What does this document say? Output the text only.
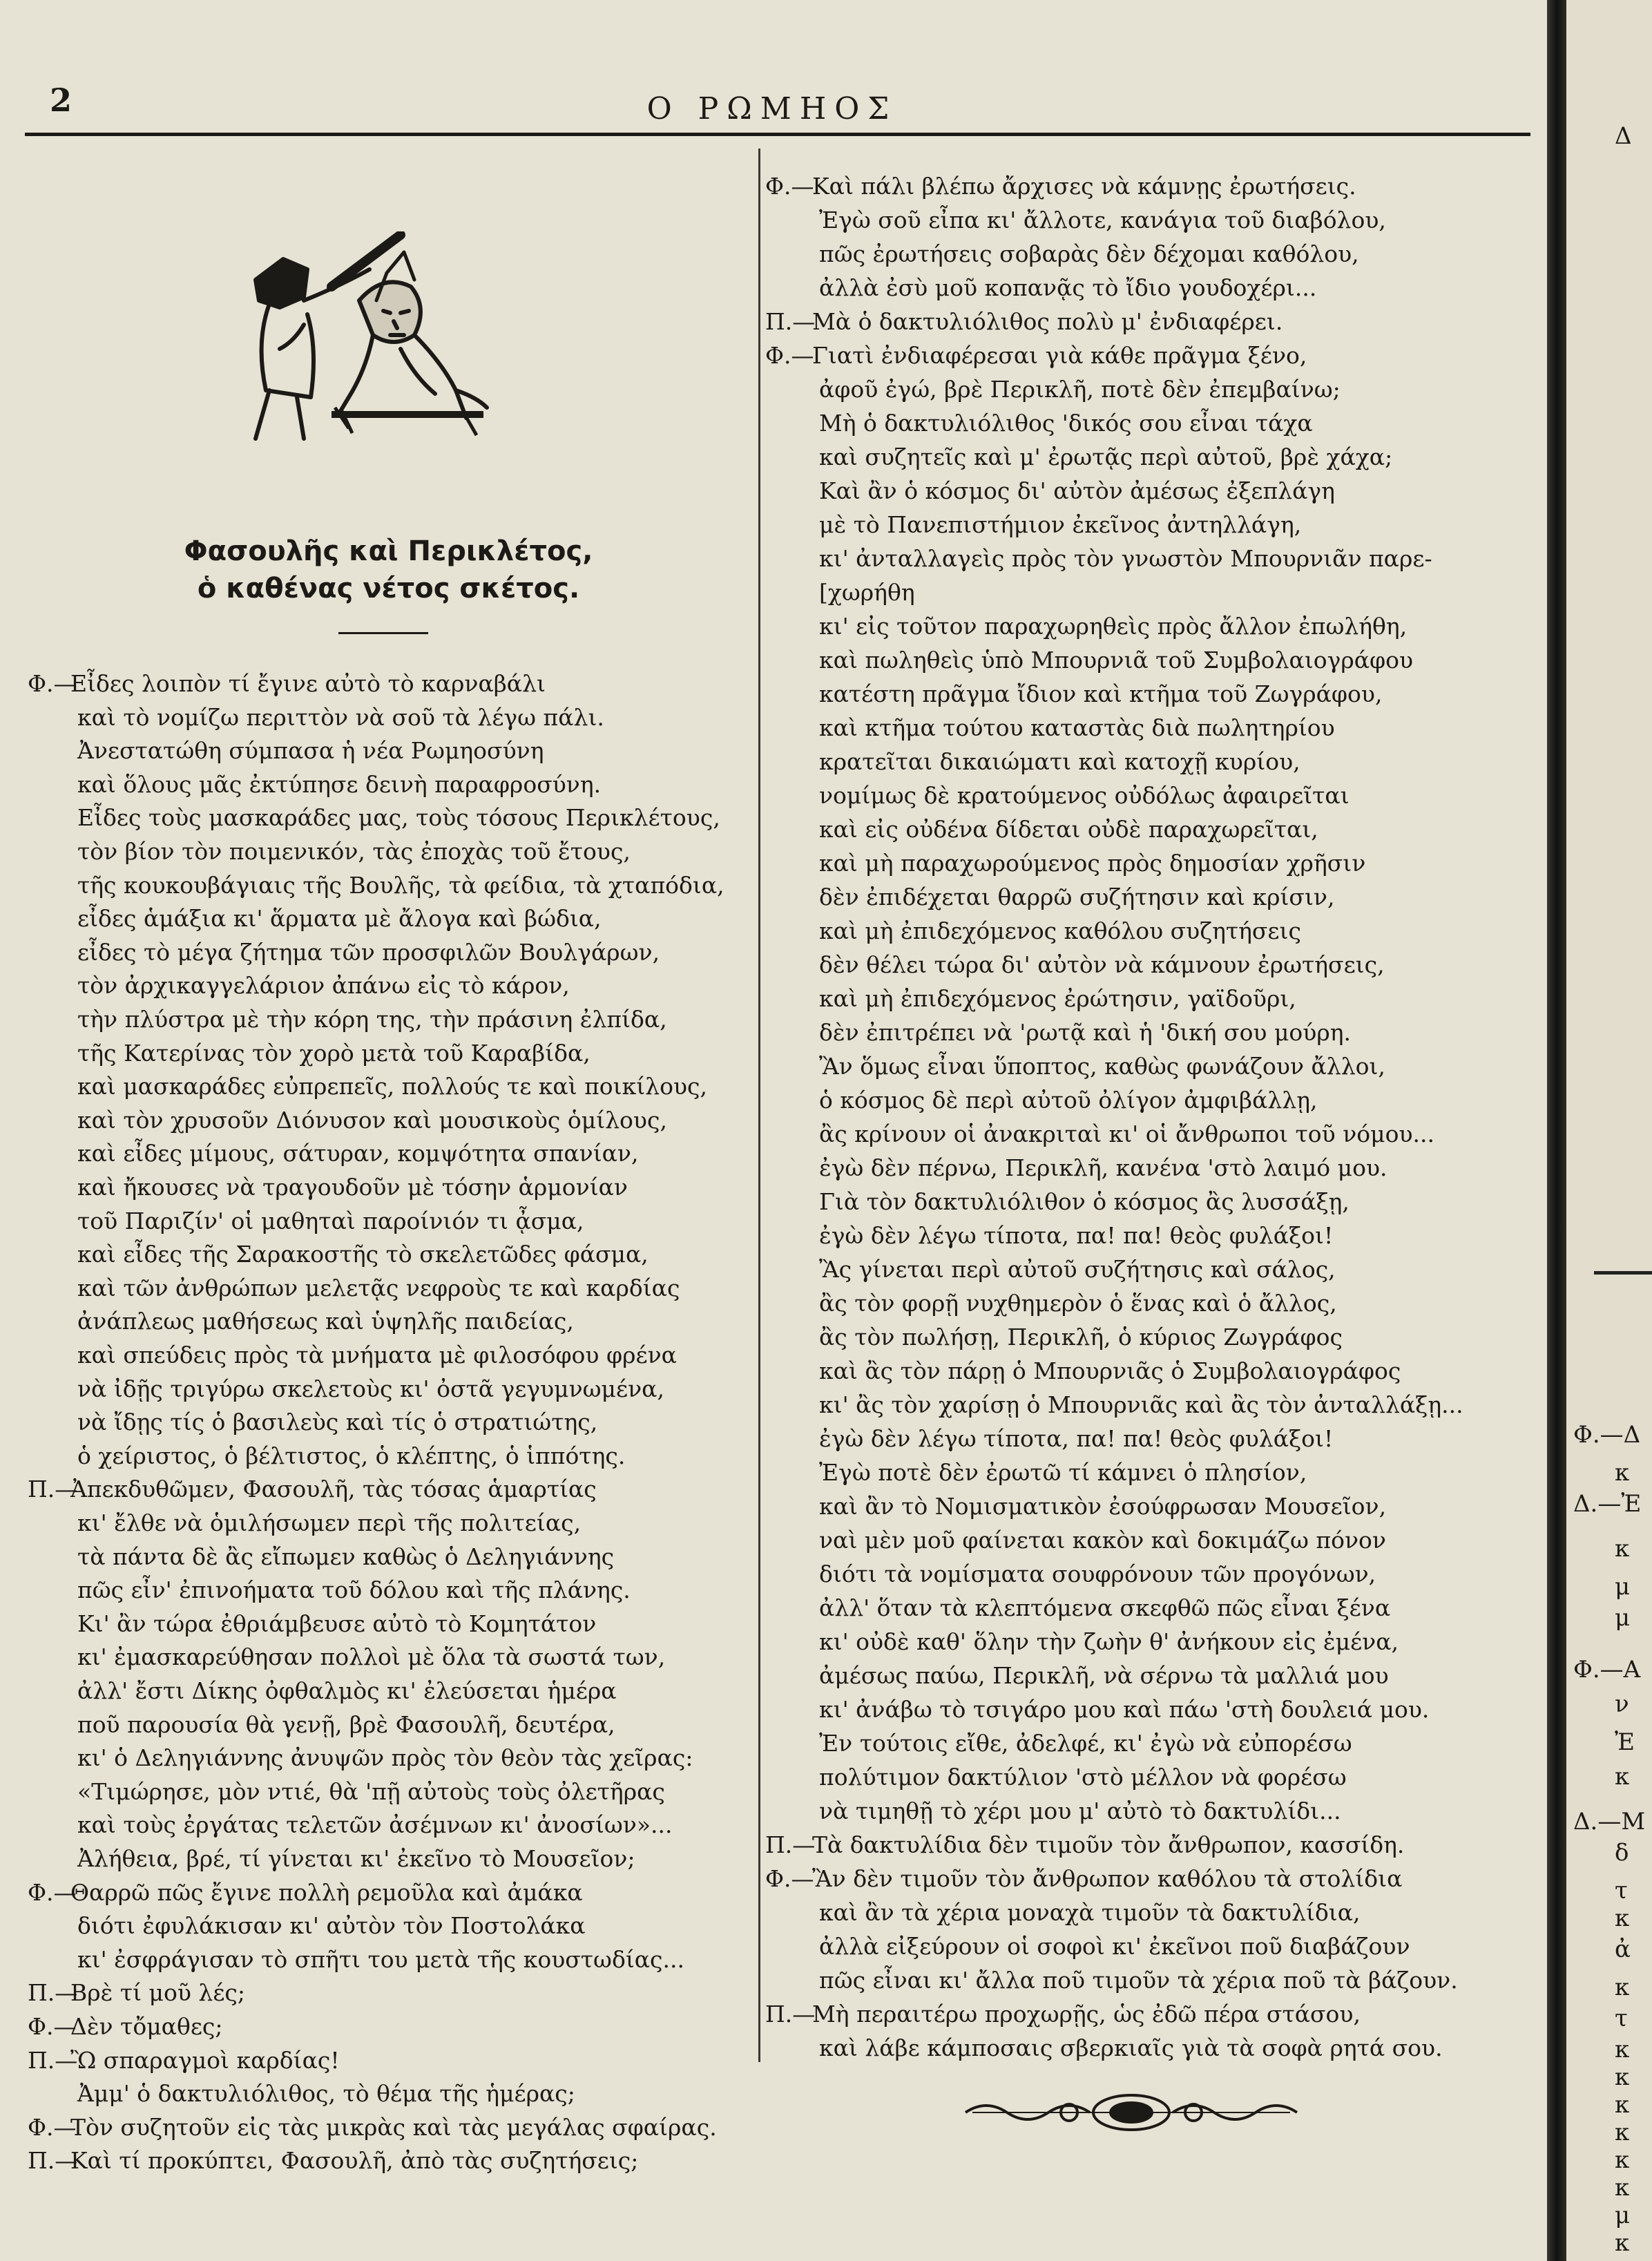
2	Ο ΡΩΜΗΟΣ
Φασουλῆς καὶ Περικλέτος,
ὁ καθένας νέτος σκέτος.
Φ.—
Εἶδες λοιπὸν τί ἔγινε αὐτὸ τὸ καρναβάλι
καὶ τὸ νομίζω περιττὸν νὰ σοῦ τὰ λέγω πάλι.
Ἀνεστατώθη σύμπασα ἡ νέα Ρωμηοσύνη
καὶ ὅλους μᾶς ἐκτύπησε δεινὴ παραφροσύνη.
Εἶδες τοὺς μασκαράδες μας, τοὺς τόσους Περικλέτους,
τὸν βίον τὸν ποιμενικόν, τὰς ἐποχὰς τοῦ ἔτους,
τῆς κουκουβάγιαις τῆς Βουλῆς, τὰ φείδια, τὰ χταπόδια,
εἶδες ἁμάξια κι' ἅρματα μὲ ἄλογα καὶ βώδια,
εἶδες τὸ μέγα ζήτημα τῶν προσφιλῶν Βουλγάρων,
τὸν ἀρχικαγγελάριον ἀπάνω εἰς τὸ κάρον,
τὴν πλύστρα μὲ τὴν κόρη της, τὴν πράσινη ἐλπίδα,
τῆς Κατερίνας τὸν χορὸ μετὰ τοῦ Καραβίδα,
καὶ μασκαράδες εὐπρεπεῖς, πολλούς τε καὶ ποικίλους,
καὶ τὸν χρυσοῦν Διόνυσον καὶ μουσικοὺς ὁμίλους,
καὶ εἶδες μίμους, σάτυραν, κομψότητα σπανίαν,
καὶ ἤκουσες νὰ τραγουδοῦν μὲ τόσην ἁρμονίαν
τοῦ Παριζίν' οἱ μαθηταὶ παροίνιόν τι ᾆσμα,
καὶ εἶδες τῆς Σαρακοστῆς τὸ σκελετῶδες φάσμα,
καὶ τῶν ἀνθρώπων μελετᾷς νεφροὺς τε καὶ καρδίας
ἀνάπλεως μαθήσεως καὶ ὑψηλῆς παιδείας,
καὶ σπεύδεις πρὸς τὰ μνήματα μὲ φιλοσόφου φρένα
νὰ ἰδῇς τριγύρω σκελετοὺς κι' ὀστᾶ γεγυμνωμένα,
νὰ ἴδῃς τίς ὁ βασιλεὺς καὶ τίς ὁ στρατιώτης,
ὁ χείριστος, ὁ βέλτιστος, ὁ κλέπτης, ὁ ἱππότης.
Π.—
Ἀπεκδυθῶμεν, Φασουλῆ, τὰς τόσας ἁμαρτίας
κι' ἔλθε νὰ ὁμιλήσωμεν περὶ τῆς πολιτείας,
τὰ πάντα δὲ ἂς εἴπωμεν καθὼς ὁ Δεληγιάννης
πῶς εἶν' ἐπινοήματα τοῦ δόλου καὶ τῆς πλάνης.
Κι' ἂν τώρα ἐθριάμβευσε αὐτὸ τὸ Κομητάτον
κι' ἐμασκαρεύθησαν πολλοὶ μὲ ὅλα τὰ σωστά των,
ἀλλ' ἔστι Δίκης ὀφθαλμὸς κι' ἐλεύσεται ἡμέρα
ποῦ παρουσία θὰ γενῇ, βρὲ Φασουλῆ, δευτέρα,
κι' ὁ Δεληγιάννης ἀνυψῶν πρὸς τὸν θεὸν τὰς χεῖρας:
«Τιμώρησε, μὸν ντιέ, θὰ 'πῇ αὐτοὺς τοὺς ὀλετῆρας
καὶ τοὺς ἐργάτας τελετῶν ἀσέμνων κι' ἀνοσίων»...
Ἀλήθεια, βρέ, τί γίνεται κι' ἐκεῖνο τὸ Μουσεῖον;
Φ.—
Θαρρῶ πῶς ἔγινε πολλὴ ρεμοῦλα καὶ ἀμάκα
διότι ἐφυλάκισαν κι' αὐτὸν τὸν Ποστολάκα
κι' ἐσφράγισαν τὸ σπῆτι του μετὰ τῆς κουστωδίας...
Π.—
Βρὲ τί μοῦ λές;
Φ.—
Δὲν τὄμαθες;
Π.—
Ὢ σπαραγμοὶ καρδίας!
Ἀμμ' ὁ δακτυλιόλιθος, τὸ θέμα τῆς ἡμέρας;
Φ.—
Τὸν συζητοῦν εἰς τὰς μικρὰς καὶ τὰς μεγάλας σφαίρας.
Π.—
Καὶ τί προκύπτει, Φασουλῆ, ἀπὸ τὰς συζητήσεις;
Φ.—
Καὶ πάλι βλέπω ἄρχισες νὰ κάμνῃς ἐρωτήσεις.
Ἐγὼ σοῦ εἶπα κι' ἄλλοτε, κανάγια τοῦ διαβόλου,
πῶς ἐρωτήσεις σοβαρὰς δὲν δέχομαι καθόλου,
ἀλλὰ ἐσὺ μοῦ κοπανᾷς τὸ ἴδιο γουδοχέρι...
Π.—
Μὰ ὁ δακτυλιόλιθος πολὺ μ' ἐνδιαφέρει.
Φ.—
Γιατὶ ἐνδιαφέρεσαι γιὰ κάθε πρᾶγμα ξένο,
ἀφοῦ ἐγώ, βρὲ Περικλῆ, ποτὲ δὲν ἐπεμβαίνω;
Μὴ ὁ δακτυλιόλιθος 'δικός σου εἶναι τάχα
καὶ συζητεῖς καὶ μ' ἐρωτᾷς περὶ αὐτοῦ, βρὲ χάχα;
Καὶ ἂν ὁ κόσμος δι' αὐτὸν ἀμέσως ἐξεπλάγη
μὲ τὸ Πανεπιστήμιον ἐκεῖνος ἀντηλλάγη,
κι' ἀνταλλαγεὶς πρὸς τὸν γνωστὸν Μπουρνιᾶν παρε-
[χωρήθη
κι' εἰς τοῦτον παραχωρηθεὶς πρὸς ἄλλον ἐπωλήθη,
καὶ πωληθεὶς ὑπὸ Μπουρνιᾶ τοῦ Συμβολαιογράφου
κατέστη πρᾶγμα ἴδιον καὶ κτῆμα τοῦ Ζωγράφου,
καὶ κτῆμα τούτου καταστὰς διὰ πωλητηρίου
κρατεῖται δικαιώματι καὶ κατοχῇ κυρίου,
νομίμως δὲ κρατούμενος οὐδόλως ἀφαιρεῖται
καὶ εἰς οὐδένα δίδεται οὐδὲ παραχωρεῖται,
καὶ μὴ παραχωρούμενος πρὸς δημοσίαν χρῆσιν
δὲν ἐπιδέχεται θαρρῶ συζήτησιν καὶ κρίσιν,
καὶ μὴ ἐπιδεχόμενος καθόλου συζητήσεις
δὲν θέλει τώρα δι' αὐτὸν νὰ κάμνουν ἐρωτήσεις,
καὶ μὴ ἐπιδεχόμενος ἐρώτησιν, γαϊδοῦρι,
δὲν ἐπιτρέπει νὰ 'ρωτᾷ καὶ ἡ 'δική σου μούρη.
Ἂν ὅμως εἶναι ὕποπτος, καθὼς φωνάζουν ἄλλοι,
ὁ κόσμος δὲ περὶ αὐτοῦ ὀλίγον ἀμφιβάλλῃ,
ἂς κρίνουν οἱ ἀνακριταὶ κι' οἱ ἄνθρωποι τοῦ νόμου...
ἐγὼ δὲν πέρνω, Περικλῆ, κανένα 'στὸ λαιμό μου.
Γιὰ τὸν δακτυλιόλιθον ὁ κόσμος ἂς λυσσάξῃ,
ἐγὼ δὲν λέγω τίποτα, πα! πα! θεὸς φυλάξοι!
Ἂς γίνεται περὶ αὐτοῦ συζήτησις καὶ σάλος,
ἂς τὸν φορῇ νυχθημερὸν ὁ ἕνας καὶ ὁ ἄλλος,
ἂς τὸν πωλήσῃ, Περικλῆ, ὁ κύριος Ζωγράφος
καὶ ἂς τὸν πάρῃ ὁ Μπουρνιᾶς ὁ Συμβολαιογράφος
κι' ἂς τὸν χαρίσῃ ὁ Μπουρνιᾶς καὶ ἂς τὸν ἀνταλλάξῃ...
ἐγὼ δὲν λέγω τίποτα, πα! πα! θεὸς φυλάξοι!
Ἐγὼ ποτὲ δὲν ἐρωτῶ τί κάμνει ὁ πλησίον,
καὶ ἂν τὸ Νομισματικὸν ἐσούφρωσαν Μουσεῖον,
ναὶ μὲν μοῦ φαίνεται κακὸν καὶ δοκιμάζω πόνον
διότι τὰ νομίσματα σουφρόνουν τῶν προγόνων,
ἀλλ' ὅταν τὰ κλεπτόμενα σκεφθῶ πῶς εἶναι ξένα
κι' οὐδὲ καθ' ὅλην τὴν ζωὴν θ' ἀνήκουν εἰς ἐμένα,
ἀμέσως παύω, Περικλῆ, νὰ σέρνω τὰ μαλλιά μου
κι' ἀνάβω τὸ τσιγάρο μου καὶ πάω 'στὴ δουλειά μου.
Ἐν τούτοις εἴθε, ἀδελφέ, κι' ἐγὼ νὰ εὐπορέσω
πολύτιμον δακτύλιον 'στὸ μέλλον νὰ φορέσω
νὰ τιμηθῇ τὸ χέρι μου μ' αὐτὸ τὸ δακτυλίδι...
Π.—
Τὰ δακτυλίδια δὲν τιμοῦν τὸν ἄνθρωπον, κασσίδη.
Φ.—
Ἂν δὲν τιμοῦν τὸν ἄνθρωπον καθόλου τὰ στολίδια
καὶ ἂν τὰ χέρια μοναχὰ τιμοῦν τὰ δακτυλίδια,
ἀλλὰ εἰξεύρουν οἱ σοφοὶ κι' ἐκεῖνοι ποῦ διαβάζουν
πῶς εἶναι κι' ἄλλα ποῦ τιμοῦν τὰ χέρια ποῦ τὰ βάζουν.
Π.—
Μὴ περαιτέρω προχωρῇς, ὡς ἐδῶ πέρα στάσου,
καὶ λάβε κάμποσαις σβερκιαῖς γιὰ τὰ σοφὰ ρητά σου.
Δ
Φ.—Δ
κ
Δ.—Ἐ
κ
μ
μ
Φ.—Α
ν
Ἐ
κ
Δ.—Μ
δ
τ
κ
ἀ
κ
τ
κ
κ
κ
κ
κ
κ
μ
κ
